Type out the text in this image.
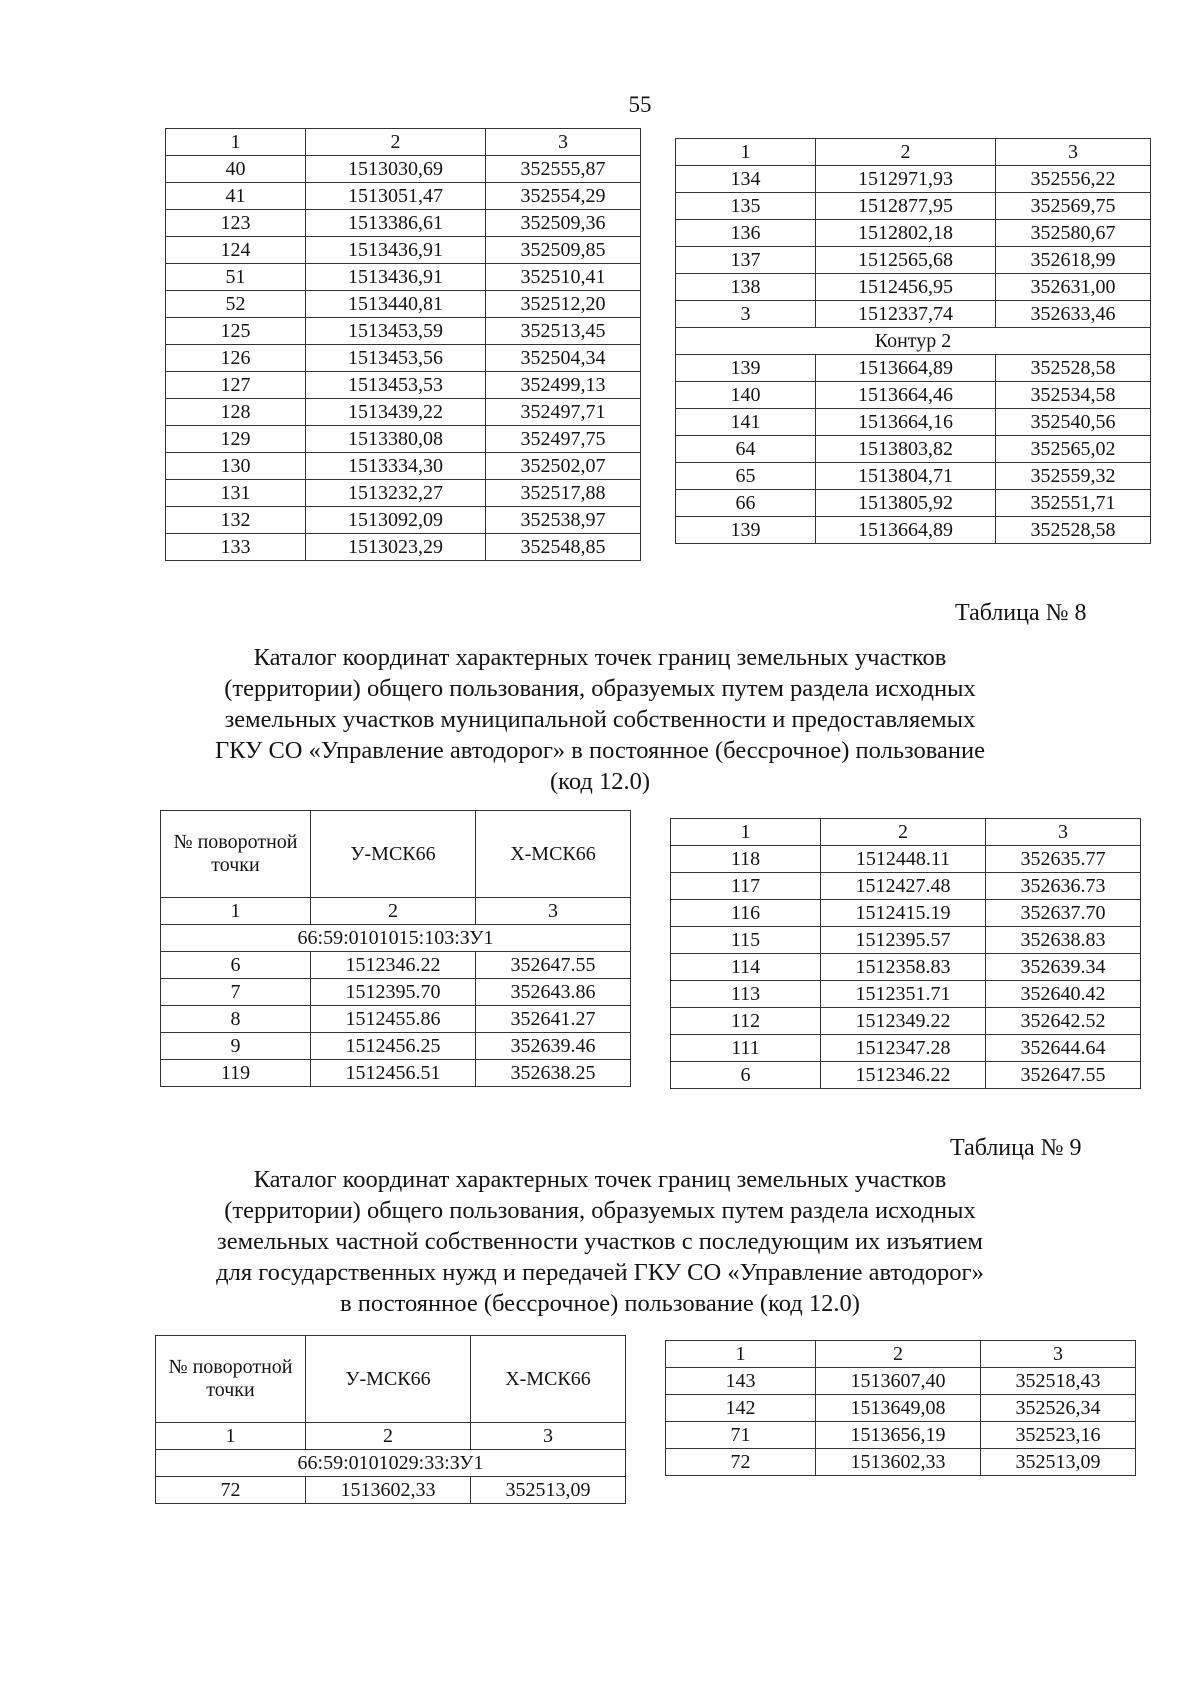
55
1	2	3
40	1513030,69	352555,87
41	1513051,47	352554,29
123	1513386,61	352509,36
124	1513436,91	352509,85
51	1513436,91	352510,41
52	1513440,81	352512,20
125	1513453,59	352513,45
126	1513453,56	352504,34
127	1513453,53	352499,13
128	1513439,22	352497,71
129	1513380,08	352497,75
130	1513334,30	352502,07
131	1513232,27	352517,88
132	1513092,09	352538,97
133	1513023,29	352548,85
1	2	3
134	1512971,93	352556,22
135	1512877,95	352569,75
136	1512802,18	352580,67
137	1512565,68	352618,99
138	1512456,95	352631,00
3	1512337,74	352633,46
Контур 2		
139	1513664,89	352528,58
140	1513664,46	352534,58
141	1513664,16	352540,56
64	1513803,82	352565,02
65	1513804,71	352559,32
66	1513805,92	352551,71
139	1513664,89	352528,58
Таблица № 8
Каталог координат характерных точек границ земельных участков
(территории) общего пользования, образуемых путем раздела исходных
земельных участков муниципальной собственности и предоставляемых
ГКУ СО «Управление автодорог» в постоянное (бессрочное) пользование
(код 12.0)
№ поворотной точки	У-МСК66	Х-МСК66
1	2	3
66:59:0101015:103:ЗУ1		
6	1512346.22	352647.55
7	1512395.70	352643.86
8	1512455.86	352641.27
9	1512456.25	352639.46
119	1512456.51	352638.25
1	2	3
118	1512448.11	352635.77
117	1512427.48	352636.73
116	1512415.19	352637.70
115	1512395.57	352638.83
114	1512358.83	352639.34
113	1512351.71	352640.42
112	1512349.22	352642.52
111	1512347.28	352644.64
6	1512346.22	352647.55
Таблица № 9
Каталог координат характерных точек границ земельных участков
(территории) общего пользования, образуемых путем раздела исходных
земельных частной собственности участков с последующим их изъятием
для государственных нужд и передачей ГКУ СО «Управление автодорог»
в постоянное (бессрочное) пользование (код 12.0)
№ поворотной точки	У-МСК66	Х-МСК66
1	2	3
66:59:0101029:33:ЗУ1		
72	1513602,33	352513,09
1	2	3
143	1513607,40	352518,43
142	1513649,08	352526,34
71	1513656,19	352523,16
72	1513602,33	352513,09
